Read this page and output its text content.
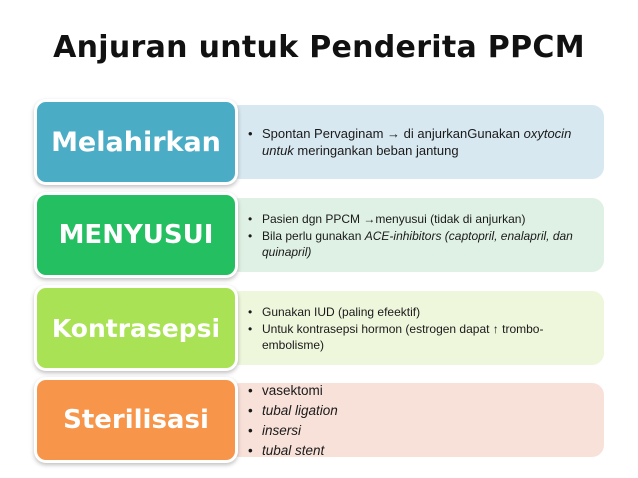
Anjuran untuk Penderita PPCM
• Spontan Pervaginam → di anjurkanGunakan oxytocin untuk meringankan beban jantung
Melahirkan
• Pasien dgn PPCM →menyusui (tidak di anjurkan)
• Bila perlu gunakan ACE-inhibitors (captopril, enalapril, dan quinapril)
MENYUSUI
• Gunakan IUD (paling efeektif)
• Untuk kontrasepsi hormon (estrogen dapat ↑ trombo-embolisme)
Kontrasepsi
• vasektomi
• tubal ligation
• insersi
• tubal stent
Sterilisasi
